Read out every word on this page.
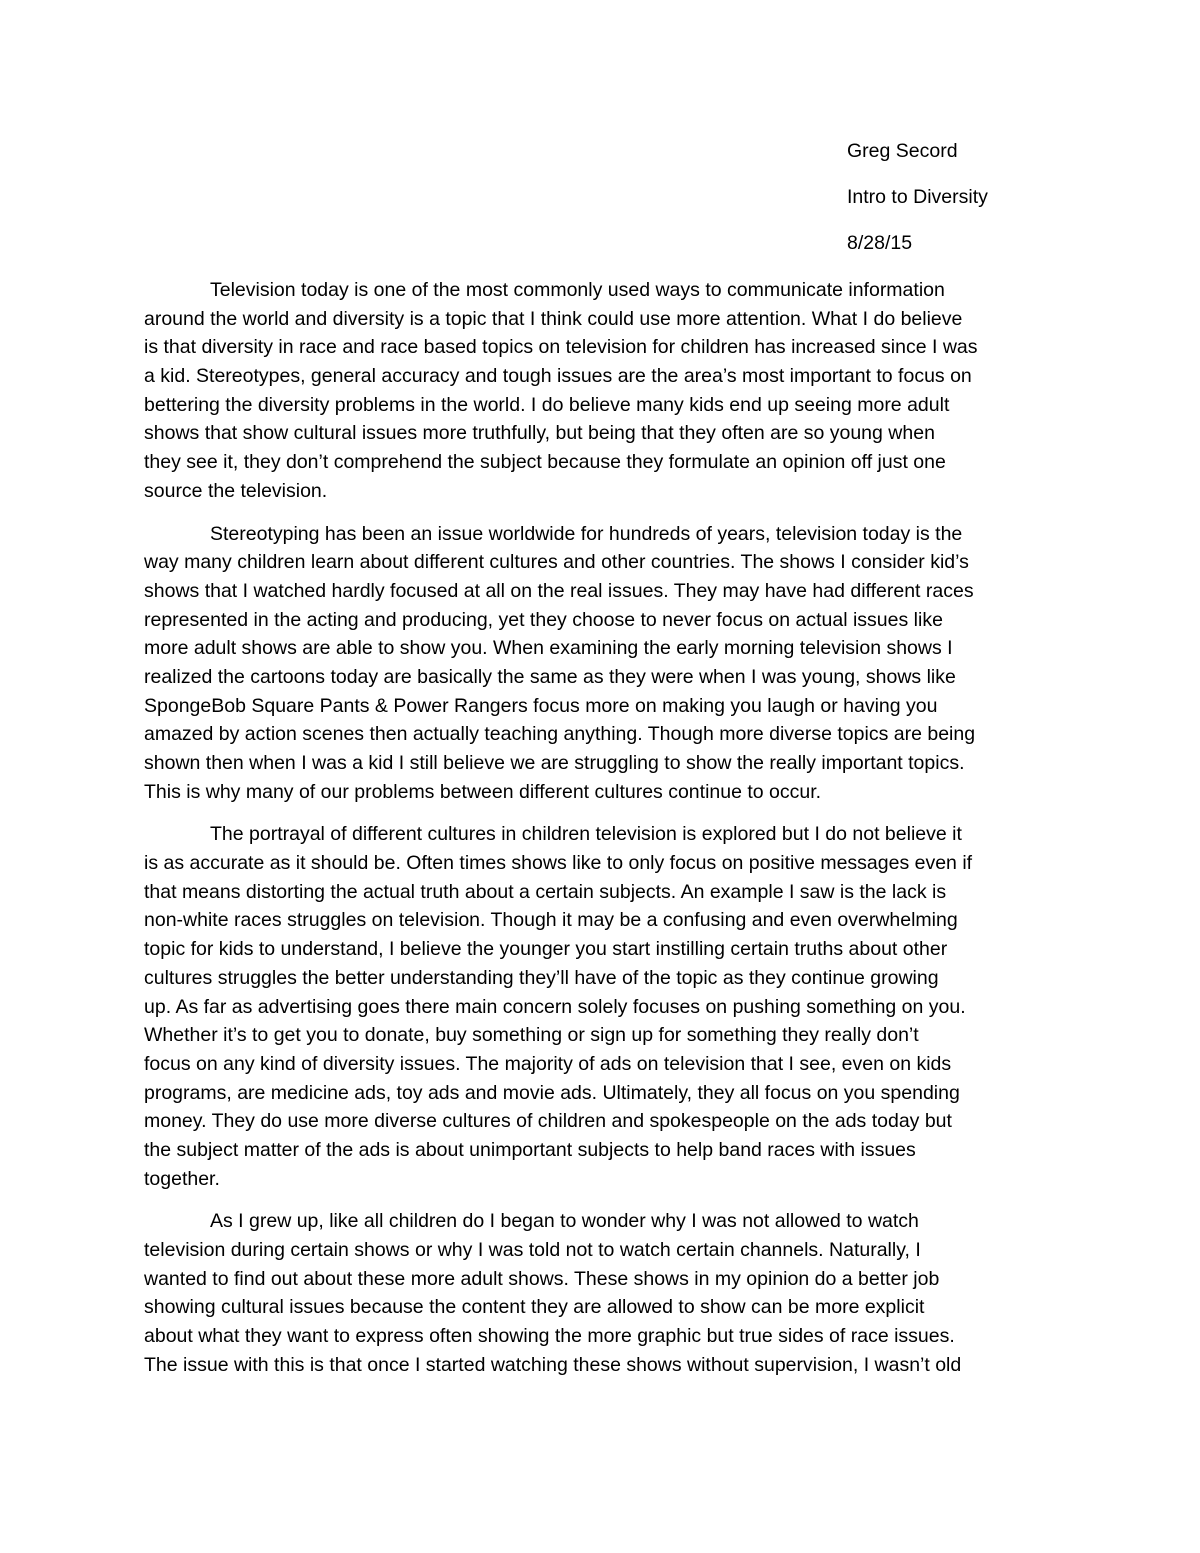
Greg Secord
Intro to Diversity
8/28/15
Television today is one of the most commonly used ways to communicate information
around the world and diversity is a topic that I think could use more attention. What I do believe
is that diversity in race and race based topics on television for children has increased since I was
a kid. Stereotypes, general accuracy and tough issues are the area’s most important to focus on
bettering the diversity problems in the world. I do believe many kids end up seeing more adult
shows that show cultural issues more truthfully, but being that they often are so young when
they see it, they don’t comprehend the subject because they formulate an opinion off just one
source the television.
Stereotyping has been an issue worldwide for hundreds of years, television today is the
way many children learn about different cultures and other countries. The shows I consider kid’s
shows that I watched hardly focused at all on the real issues. They may have had different races
represented in the acting and producing, yet they choose to never focus on actual issues like
more adult shows are able to show you. When examining the early morning television shows I
realized the cartoons today are basically the same as they were when I was young, shows like
SpongeBob Square Pants & Power Rangers focus more on making you laugh or having you
amazed by action scenes then actually teaching anything. Though more diverse topics are being
shown then when I was a kid I still believe we are struggling to show the really important topics.
This is why many of our problems between different cultures continue to occur.
The portrayal of different cultures in children television is explored but I do not believe it
is as accurate as it should be. Often times shows like to only focus on positive messages even if
that means distorting the actual truth about a certain subjects. An example I saw is the lack is
non-white races struggles on television. Though it may be a confusing and even overwhelming
topic for kids to understand, I believe the younger you start instilling certain truths about other
cultures struggles the better understanding they’ll have of the topic as they continue growing
up. As far as advertising goes there main concern solely focuses on pushing something on you.
Whether it’s to get you to donate, buy something or sign up for something they really don’t
focus on any kind of diversity issues. The majority of ads on television that I see, even on kids
programs, are medicine ads, toy ads and movie ads. Ultimately, they all focus on you spending
money. They do use more diverse cultures of children and spokespeople on the ads today but
the subject matter of the ads is about unimportant subjects to help band races with issues
together.
As I grew up, like all children do I began to wonder why I was not allowed to watch
television during certain shows or why I was told not to watch certain channels. Naturally, I
wanted to find out about these more adult shows. These shows in my opinion do a better job
showing cultural issues because the content they are allowed to show can be more explicit
about what they want to express often showing the more graphic but true sides of race issues.
The issue with this is that once I started watching these shows without supervision, I wasn’t old
